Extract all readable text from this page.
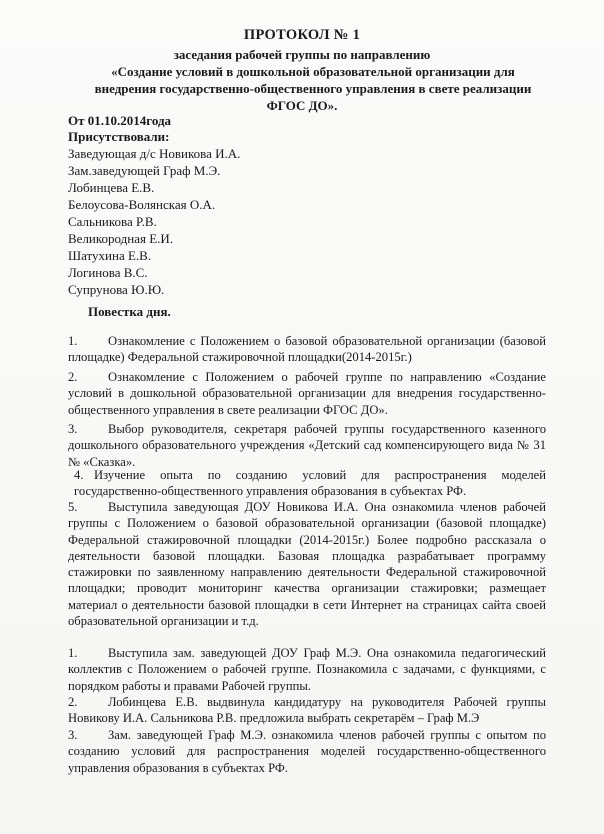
ПРОТОКОЛ № 1
заседания рабочей группы по направлению
«Создание условий в дошкольной образовательной организации для
внедрения государственно-общественного управления в свете реализации
ФГОС ДО».
От 01.10.2014года
Присутствовали:
Заведующая д/с Новикова И.А.
Зам.заведующей Граф М.Э.
Лобинцева Е.В.
Белоусова-Волянская О.А.
Сальникова Р.В.
Великородная Е.И.
Шатухина Е.В.
Логинова В.С.
Супрунова Ю.Ю.
Повестка дня.
1. Ознакомление с Положением о базовой образовательной организации (базовой площадке) Федеральной стажировочной площадки(2014-2015г.)
2. Ознакомление с Положением о рабочей группе по направлению «Создание условий в дошкольной образовательной организации для внедрения государственно-общественного управления в свете реализации ФГОС ДО».
3. Выбор руководителя, секретаря рабочей группы государственного казенного дошкольного образовательного учреждения «Детский сад компенсирующего вида № 31 № «Сказка».
4. Изучение опыта по созданию условий для распространения моделей государственно-общественного управления образования в субъектах РФ.
5. Выступила заведующая ДОУ Новикова И.А. Она ознакомила членов рабочей группы с Положением о базовой образовательной организации (базовой площадке) Федеральной стажировочной площадки (2014-2015г.) Более подробно рассказала о деятельности базовой площадки. Базовая площадка разрабатывает программу стажировки по заявленному направлению деятельности Федеральной стажировочной площадки; проводит мониторинг качества организации стажировки; размещает материал о деятельности базовой площадки в сети Интернет на страницах сайта своей образовательной организации и т.д.
1. Выступила зам. заведующей ДОУ Граф М.Э. Она ознакомила педагогический коллектив с Положением о рабочей группе. Познакомила с задачами, с функциями, с порядком работы и правами Рабочей группы.
2. Лобинцева Е.В. выдвинула кандидатуру на руководителя Рабочей группы Новикову И.А. Сальникова Р.В. предложила выбрать секретарём – Граф М.Э
3. Зам. заведующей Граф М.Э. ознакомила членов рабочей группы с опытом по созданию условий для распространения моделей государственно-общественного управления образования в субъектах РФ.
